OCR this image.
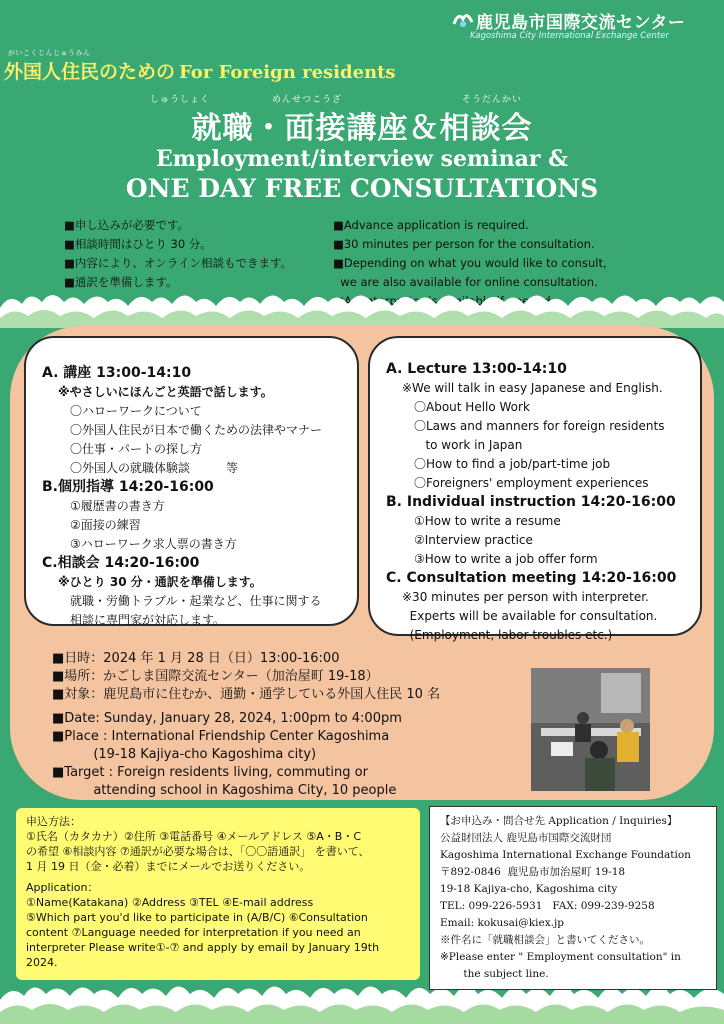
鹿児島市国際交流センター
Kagoshima City International Exchange Center
がいこくじんじゅうみん
外国人住民のための For Foreign residents
しゅうしょく	めんせつこうざ	そうだんかい
就職・面接講座＆相談会
Employment/interview seminar &
ONE DAY FREE CONSULTATIONS
■申し込みが必要です。
■相談時間はひとり 30 分。
■内容により、オンライン相談もできます。
■通訳を準備します。
■Advance application is required.
■30 minutes per person for the consultation.
■Depending on what you would like to consult,
we are also available for online consultation.
A. 講座 13:00-14:10
※やさしいにほんごと英語で話します。
〇ハローワークについて
〇外国人住民が日本で働くための法律やマナー
〇仕事・パートの探し方
〇外国人の就職体験談　　　等
B.個別指導 14:20-16:00
①履歴書の書き方
②面接の練習
③ハローワーク求人票の書き方
C.相談会 14:20-16:00
※ひとり 30 分・通訳を準備します。
就職・労働トラブル・起業など、仕事に関する
相談に専門家が対応します。
A. Lecture 13:00-14:10
※We will talk in easy Japanese and English.
〇About Hello Work
〇Laws and manners for foreign residents
to work in Japan
〇How to find a job/part-time job
〇Foreigners' employment experiences
B. Individual instruction 14:20-16:00
①How to write a resume
②Interview practice
③How to write a job offer form
C. Consultation meeting 14:20-16:00
※30 minutes per person with interpreter.
Experts will be available for consultation.
(Employment, labor troubles etc.)
■日時：2024 年 1 月 28 日（日）13:00-16:00
■場所：かごしま国際交流センター（加治屋町 19-18）
■対象：鹿児島市に住むか、通勤・通学している外国人住民 10 名
■Date: Sunday, January 28, 2024, 1:00pm to 4:00pm
■Place : International Friendship Center Kagoshima
(19-18 Kajiya-cho Kagoshima city)
■Target : Foreign residents living, commuting or
attending school in Kagoshima City, 10 people
申込方法：
①氏名（カタカナ）②住所 ③電話番号 ④メールアドレス ⑤A・B・C
の希望 ⑥相談内容 ⑦通訳が必要な場合は、「〇〇語通訳」 を書いて、
1 月 19 日（金・必着）までにメールでお送りください。
Application：
①Name(Katakana) ②Address ③TEL ④E-mail address
⑤Which part you'd like to participate in (A/B/C) ⑥Consultation
content ⑦Language needed for interpretation if you need an
interpreter Please write①-⑦ and apply by email by January 19th
2024.
【お申込み・問合せ先 Application / Inquiries】
公益財団法人 鹿児島市国際交流財団
Kagoshima International Exchange Foundation
〒892-0846  鹿児島市加治屋町 19-18
19-18 Kajiya-cho, Kagoshima city
TEL: 099-226-5931   FAX: 099-239-9258
Email: kokusai@kiex.jp
※件名に「就職相談会」と書いてください。
※Please enter " Employment consultation" in
the subject line.
